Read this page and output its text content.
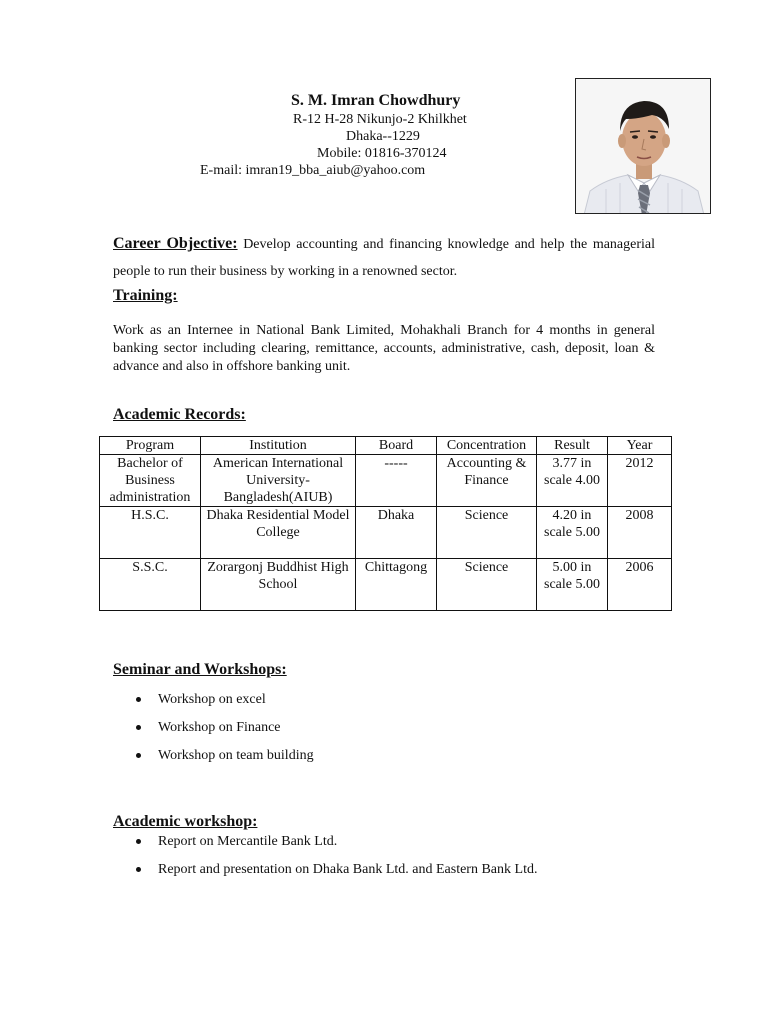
S. M. Imran Chowdhury
R-12 H-28 Nikunjo-2 Khilkhet
Dhaka--1229
Mobile: 01816-370124
E-mail: imran19_bba_aiub@yahoo.com
Career Objective: Develop accounting and financing knowledge and help the managerial people to run their business by working in a renowned sector.
Training:
Work as an Internee in National Bank Limited, Mohakhali Branch for 4 months in general banking sector including clearing, remittance, accounts, administrative, cash, deposit, loan & advance and also in offshore banking unit.
Academic Records:
Program	Institution	Board	Concentration	Result	Year
Bachelor of Business administration	American International University-Bangladesh(AIUB)	-----	Accounting & Finance	3.77 in scale 4.00	2012
H.S.C.	Dhaka Residential Model College	Dhaka	Science	4.20 in scale 5.00	2008
S.S.C.	Zorargonj Buddhist High School	Chittagong	Science	5.00 in scale 5.00	2006
Seminar and Workshops:
Workshop on excel
Workshop on Finance
Workshop on team building
Academic workshop:
Report on Mercantile Bank Ltd.
Report and presentation on Dhaka Bank Ltd. and Eastern Bank Ltd.
